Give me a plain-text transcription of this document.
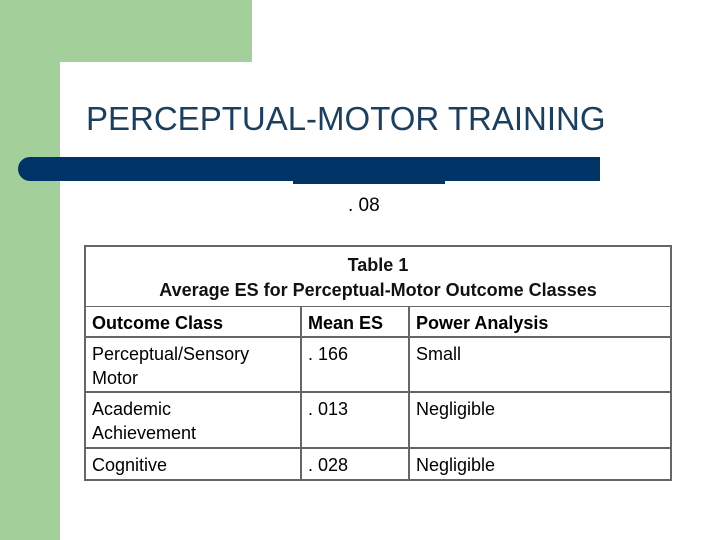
PERCEPTUAL-MOTOR TRAINING
. 08
Table 1
Average ES for Perceptual-Motor Outcome Classes
Outcome Class	Mean ES	Power Analysis

Perceptual/Sensory
Motor	. 166	Small

Academic
Achievement	. 013	Negligible

Cognitive	. 028	Negligible
